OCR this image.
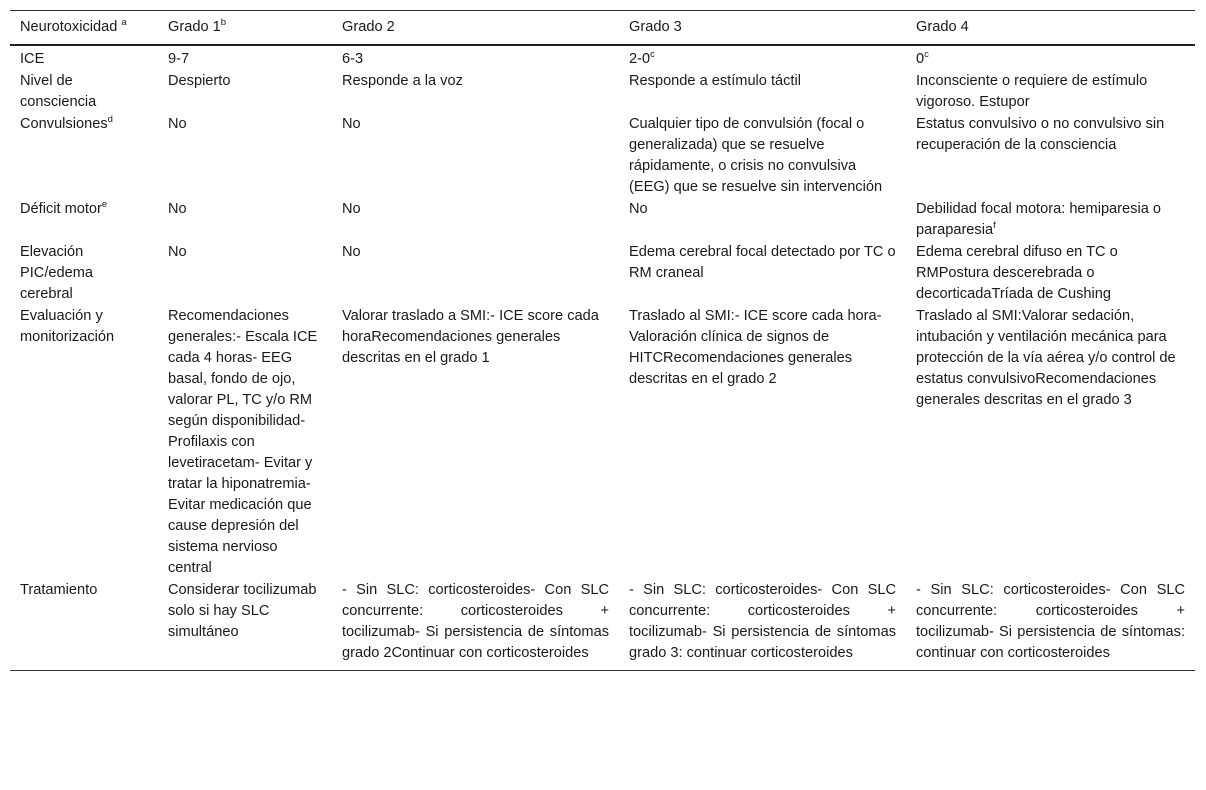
Neurotoxicidad $^a$	Grado 1$^b$	Grado 2	Grado 3	Grado 4
ICE	9-7	6-3	2-0$^c$	0$^c$
Nivel de consciencia	Despierto	Responde a la voz	Responde a estímulo táctil	Inconsciente o requiere de estímulo vigoroso. Estupor
Convulsiones$^d$	No	No	Cualquier tipo de convulsión (focal o generalizada) que se resuelve rápidamente, o crisis no convulsiva (EEG) que se resuelve sin intervención	Estatus convulsivo o no convulsivo sin recuperación de la consciencia
Déficit motor$^e$	No	No	No	Debilidad focal motora: hemiparesia o paraparesia$^f$
Elevación PIC/edema cerebral	No	No	Edema cerebral focal detectado por TC o RM craneal	Edema cerebral difuso en TC o RMPostura descerebrada o decorticadaTríada de Cushing
Evaluación y monitorización	Recomendaciones generales:- Escala ICE cada 4 horas- EEG basal, fondo de ojo, valorar PL, TC y/o RM según disponibilidad- Profilaxis con levetiracetam- Evitar y tratar la hiponatremia- Evitar medicación que cause depresión del sistema nervioso central	Valorar traslado a SMI:- ICE score cada horaRecomendaciones generales descritas en el grado 1	Traslado al SMI:- ICE score cada hora- Valoración clínica de signos de HITCRecomendaciones generales descritas en el grado 2	Traslado al SMI:Valorar sedación, intubación y ventilación mecánica para protección de la vía aérea y/o control de estatus convulsivoRecomendaciones generales descritas en el grado 3
Tratamiento	Considerar tocilizumab solo si hay SLC simultáneo	- Sin SLC: corticosteroides- Con SLC concurrente: corticosteroides + tocilizumab- Si persistencia de síntomas grado 2Continuar con corticosteroides	- Sin SLC: corticosteroides- Con SLC concurrente: corticosteroides + tocilizumab- Si persistencia de síntomas grado 3: continuar corticosteroides	- Sin SLC: corticosteroides- Con SLC concurrente: corticosteroides + tocilizumab- Si persistencia de síntomas: continuar con corticosteroides
